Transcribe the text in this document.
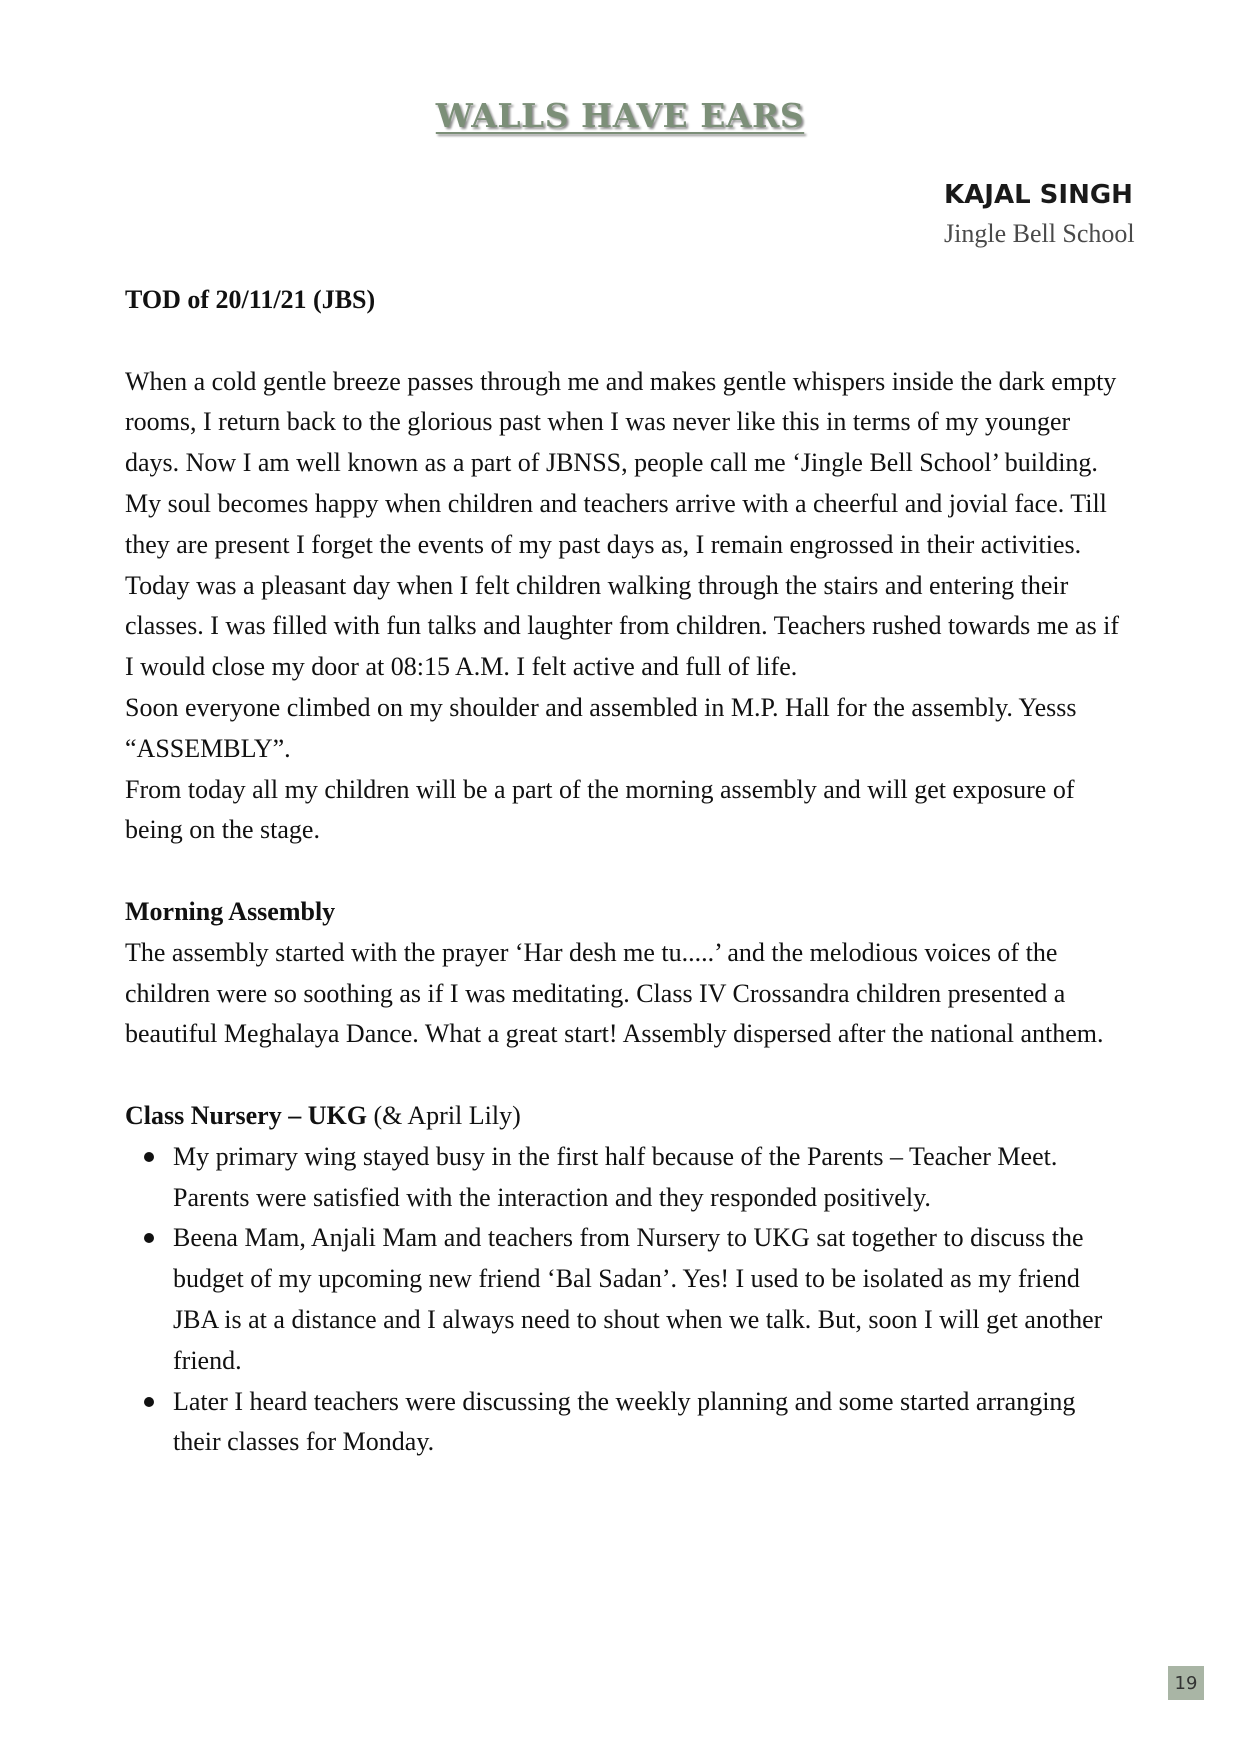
WALLS HAVE EARS

KAJAL SINGH

Jingle Bell School

TOD of 20/11/21 (JBS)

When a cold gentle breeze passes through me and makes gentle whispers inside the dark empty rooms, I return back to the glorious past when I was never like this in terms of my younger days. Now I am well known as a part of JBNSS, people call me ‘Jingle Bell School’ building.

My soul becomes happy when children and teachers arrive with a cheerful and jovial face. Till they are present I forget the events of my past days as, I remain engrossed in their activities.

Today was a pleasant day when I felt children walking through the stairs and entering their classes. I was filled with fun talks and laughter from children. Teachers rushed towards me as if I would close my door at 08:15 A.M. I felt active and full of life.

Soon everyone climbed on my shoulder and assembled in M.P. Hall for the assembly. Yesss “ASSEMBLY”.

From today all my children will be a part of the morning assembly and will get exposure of being on the stage.

Morning Assembly

The assembly started with the prayer ‘Har desh me tu.....’ and the melodious voices of the children were so soothing as if I was meditating. Class IV Crossandra children presented a beautiful Meghalaya Dance. What a great start! Assembly dispersed after the national anthem.

Class Nursery – UKG (& April Lily)

My primary wing stayed busy in the first half because of the Parents – Teacher Meet. Parents were satisfied with the interaction and they responded positively.
Beena Mam, Anjali Mam and teachers from Nursery to UKG sat together to discuss the budget of my upcoming new friend ‘Bal Sadan’. Yes! I used to be isolated as my friend JBA is at a distance and I always need to shout when we talk. But, soon I will get another friend.
Later I heard teachers were discussing the weekly planning and some started arranging their classes for Monday.
19
